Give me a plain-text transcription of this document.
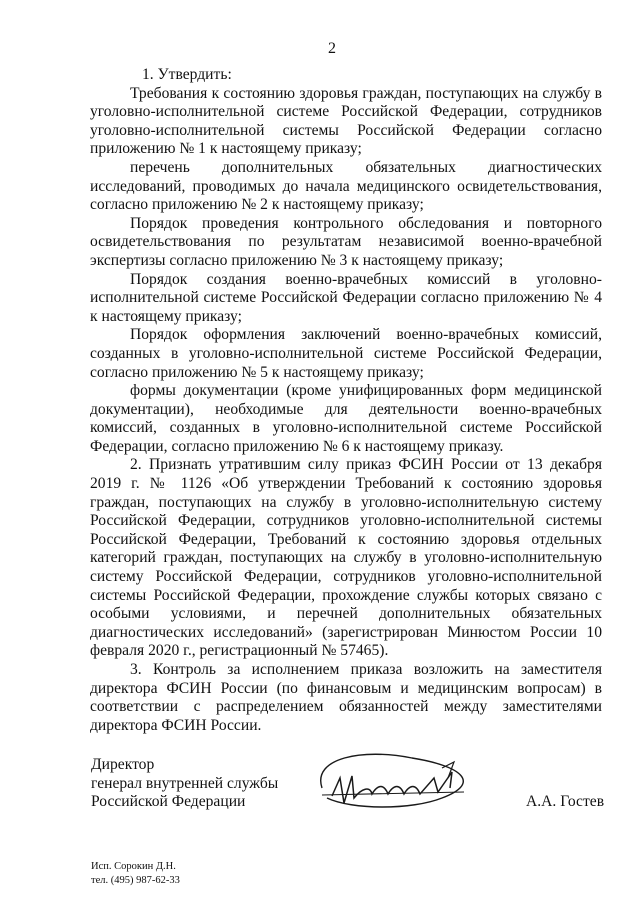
2

1. Утвердить:

Требования к состоянию здоровья граждан, поступающих на службу в уголовно-исполнительной системе Российской Федерации, сотрудников уголовно-исполнительной системы Российской Федерации согласно приложению № 1 к настоящему приказу;

перечень дополнительных обязательных диагностических исследований, проводимых до начала медицинского освидетельствования, согласно приложению № 2 к настоящему приказу;

Порядок проведения контрольного обследования и повторного освидетельствования по результатам независимой военно-врачебной экспертизы согласно приложению № 3 к настоящему приказу;

Порядок создания военно-врачебных комиссий в уголовно-исполнительной системе Российской Федерации согласно приложению № 4 к настоящему приказу;

Порядок оформления заключений военно-врачебных комиссий, созданных в уголовно-исполнительной системе Российской Федерации, согласно приложению № 5 к настоящему приказу;

формы документации (кроме унифицированных форм медицинской документации), необходимые для деятельности военно-врачебных комиссий, созданных в уголовно-исполнительной системе Российской Федерации, согласно приложению № 6 к настоящему приказу.

2. Признать утратившим силу приказ ФСИН России от 13 декабря 2019 г. № 1126 «Об утверждении Требований к состоянию здоровья граждан, поступающих на службу в уголовно-исполнительную систему Российской Федерации, сотрудников уголовно-исполнительной системы Российской Федерации, Требований к состоянию здоровья отдельных категорий граждан, поступающих на службу в уголовно-исполнительную систему Российской Федерации, сотрудников уголовно-исполнительной системы Российской Федерации, прохождение службы которых связано с особыми условиями, и перечней дополнительных обязательных диагностических исследований» (зарегистрирован Минюстом России 10 февраля 2020 г., регистрационный № 57465).

3. Контроль за исполнением приказа возложить на заместителя директора ФСИН России (по финансовым и медицинским вопросам) в соответствии с распределением обязанностей между заместителями директора ФСИН России.

Директор
генерал внутренней службы
Российской Федерации	А.А. Гостев
Исп. Сорокин Д.Н.
тел. (495) 987-62-33
